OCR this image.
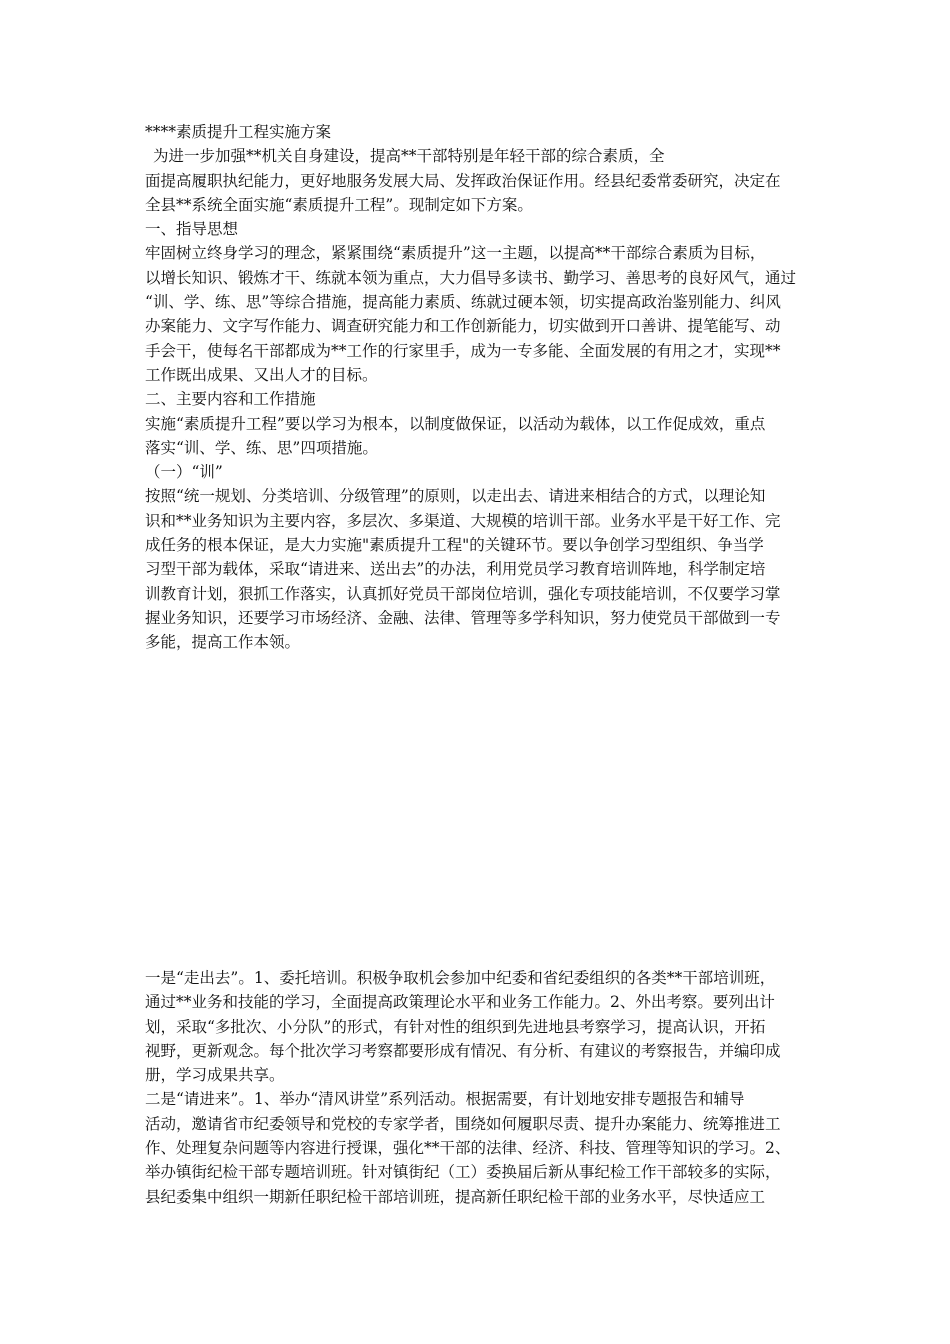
****素质提升工程实施方案
为进一步加强**机关自身建设，提高**干部特别是年轻干部的综合素质，全
面提高履职执纪能力，更好地服务发展大局、发挥政治保证作用。经县纪委常委研究，决定在
全县**系统全面实施“素质提升工程”。现制定如下方案。
一、指导思想
牢固树立终身学习的理念，紧紧围绕“素质提升”这一主题，以提高**干部综合素质为目标，
以增长知识、锻炼才干、练就本领为重点，大力倡导多读书、勤学习、善思考的良好风气，通过
“训、学、练、思”等综合措施，提高能力素质、练就过硬本领，切实提高政治鉴别能力、纠风
办案能力、文字写作能力、调查研究能力和工作创新能力，切实做到开口善讲、提笔能写、动
手会干，使每名干部都成为**工作的行家里手，成为一专多能、全面发展的有用之才，实现**
工作既出成果、又出人才的目标。
二、主要内容和工作措施
实施“素质提升工程”要以学习为根本，以制度做保证，以活动为载体，以工作促成效，重点
落实“训、学、练、思”四项措施。
（一）“训”
按照“统一规划、分类培训、分级管理”的原则，以走出去、请进来相结合的方式，以理论知
识和**业务知识为主要内容，多层次、多渠道、大规模的培训干部。业务水平是干好工作、完
成任务的根本保证，是大力实施"素质提升工程"的关键环节。要以争创学习型组织、争当学
习型干部为载体，采取“请进来、送出去”的办法，利用党员学习教育培训阵地，科学制定培
训教育计划，狠抓工作落实，认真抓好党员干部岗位培训，强化专项技能培训，不仅要学习掌
握业务知识，还要学习市场经济、金融、法律、管理等多学科知识，努力使党员干部做到一专
多能，提高工作本领。
一是“走出去”。1、委托培训。积极争取机会参加中纪委和省纪委组织的各类**干部培训班，
通过**业务和技能的学习，全面提高政策理论水平和业务工作能力。2、外出考察。要列出计
划，采取“多批次、小分队”的形式，有针对性的组织到先进地县考察学习，提高认识，开拓
视野，更新观念。每个批次学习考察都要形成有情况、有分析、有建议的考察报告，并编印成
册，学习成果共享。
二是“请进来”。1、举办“清风讲堂”系列活动。根据需要，有计划地安排专题报告和辅导
活动，邀请省市纪委领导和党校的专家学者，围绕如何履职尽责、提升办案能力、统筹推进工
作、处理复杂问题等内容进行授课，强化**干部的法律、经济、科技、管理等知识的学习。2、
举办镇街纪检干部专题培训班。针对镇街纪（工）委换届后新从事纪检工作干部较多的实际，
县纪委集中组织一期新任职纪检干部培训班，提高新任职纪检干部的业务水平，尽快适应工
